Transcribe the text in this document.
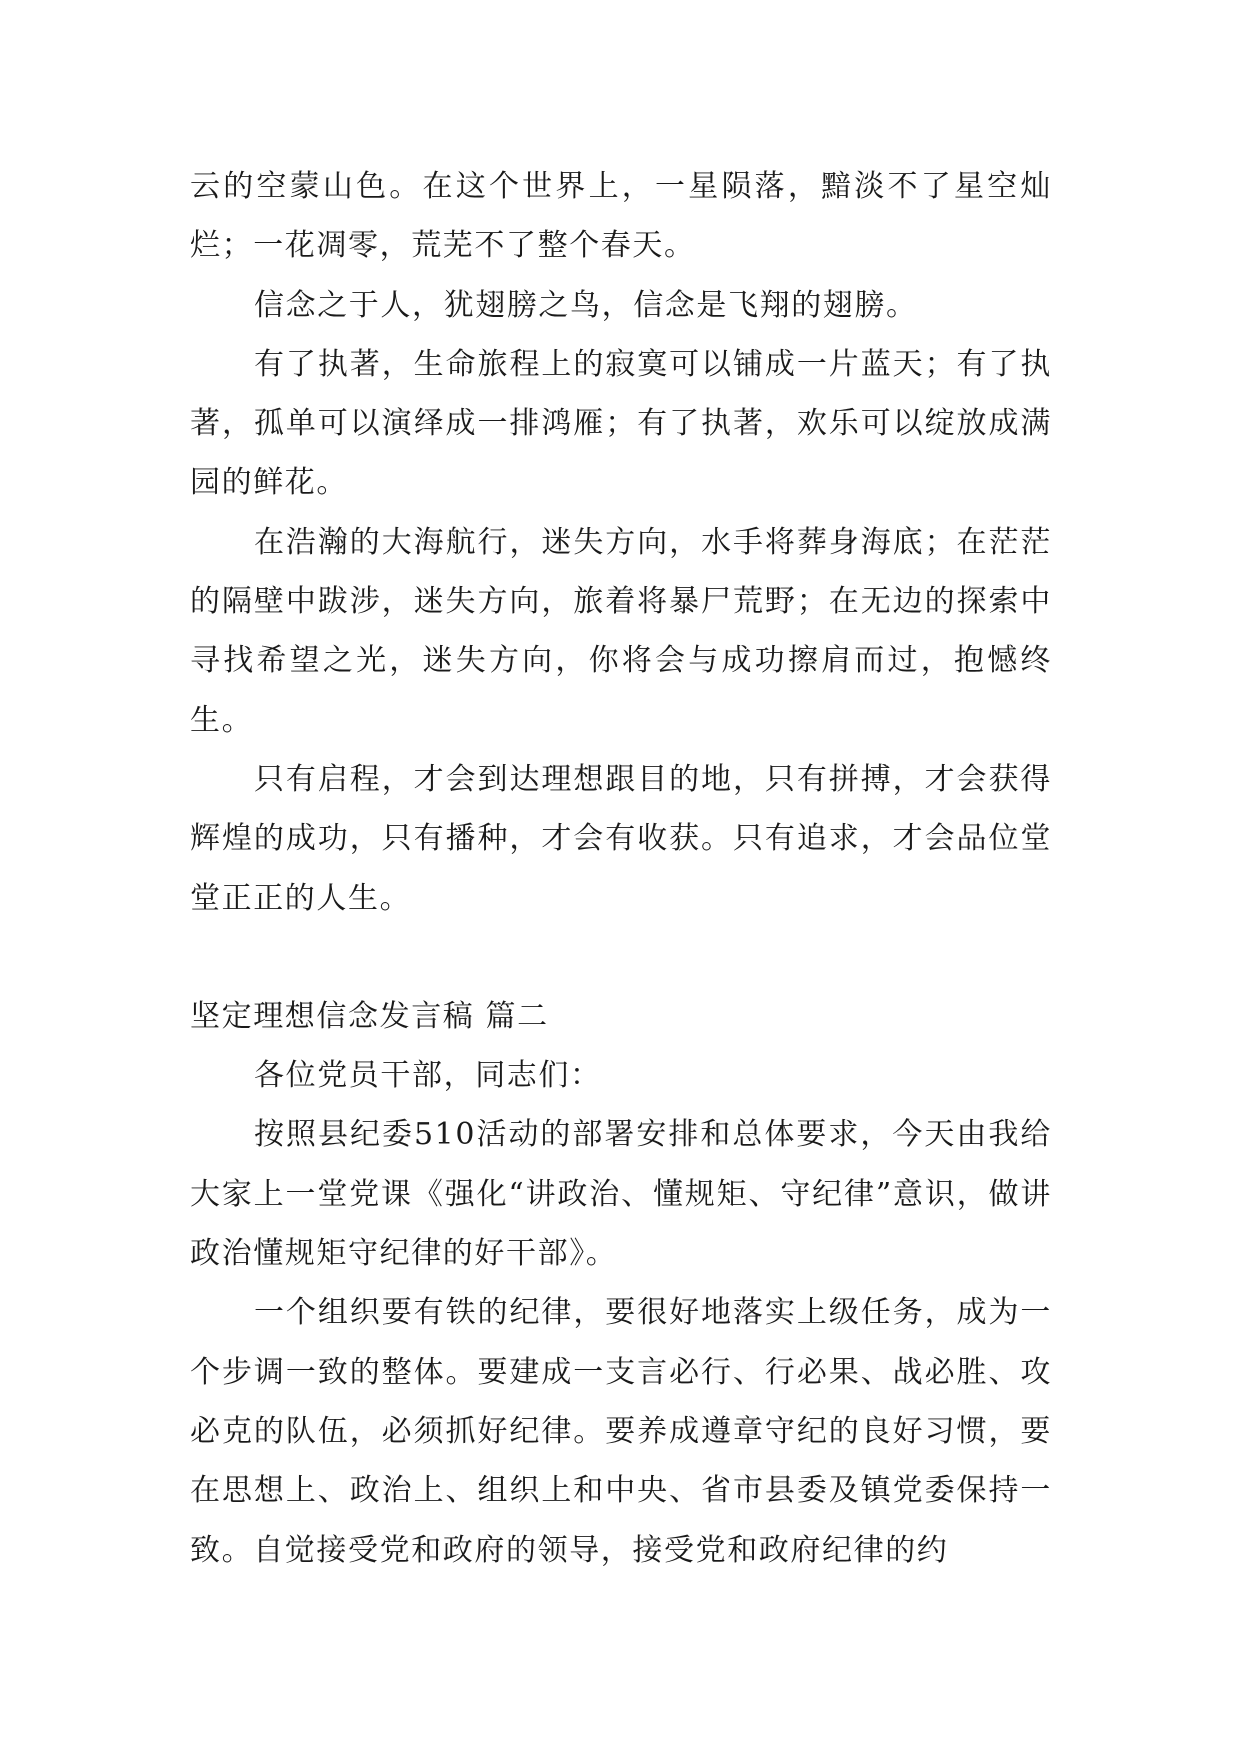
云的空蒙山色。在这个世界上，一星陨落，黯淡不了星空灿烂；一花凋零，荒芜不了整个春天。

信念之于人，犹翅膀之鸟，信念是飞翔的翅膀。

有了执著，生命旅程上的寂寞可以铺成一片蓝天；有了执著，孤单可以演绎成一排鸿雁；有了执著，欢乐可以绽放成满园的鲜花。

在浩瀚的大海航行，迷失方向，水手将葬身海底；在茫茫的隔壁中跋涉，迷失方向，旅着将暴尸荒野；在无边的探索中寻找希望之光，迷失方向，你将会与成功擦肩而过，抱憾终生。

只有启程，才会到达理想跟目的地，只有拼搏，才会获得辉煌的成功，只有播种，才会有收获。只有追求，才会品位堂堂正正的人生。

坚定理想信念发言稿 篇二

各位党员干部，同志们：

按照县纪委510活动的部署安排和总体要求，今天由我给大家上一堂党课《强化“讲政治、懂规矩、守纪律”意识，做讲政治懂规矩守纪律的好干部》。

一个组织要有铁的纪律，要很好地落实上级任务，成为一个步调一致的整体。要建成一支言必行、行必果、战必胜、攻必克的队伍，必须抓好纪律。要养成遵章守纪的良好习惯，要在思想上、政治上、组织上和中央、省市县委及镇党委保持一致。自觉接受党和政府的领导，接受党和政府纪律的约
